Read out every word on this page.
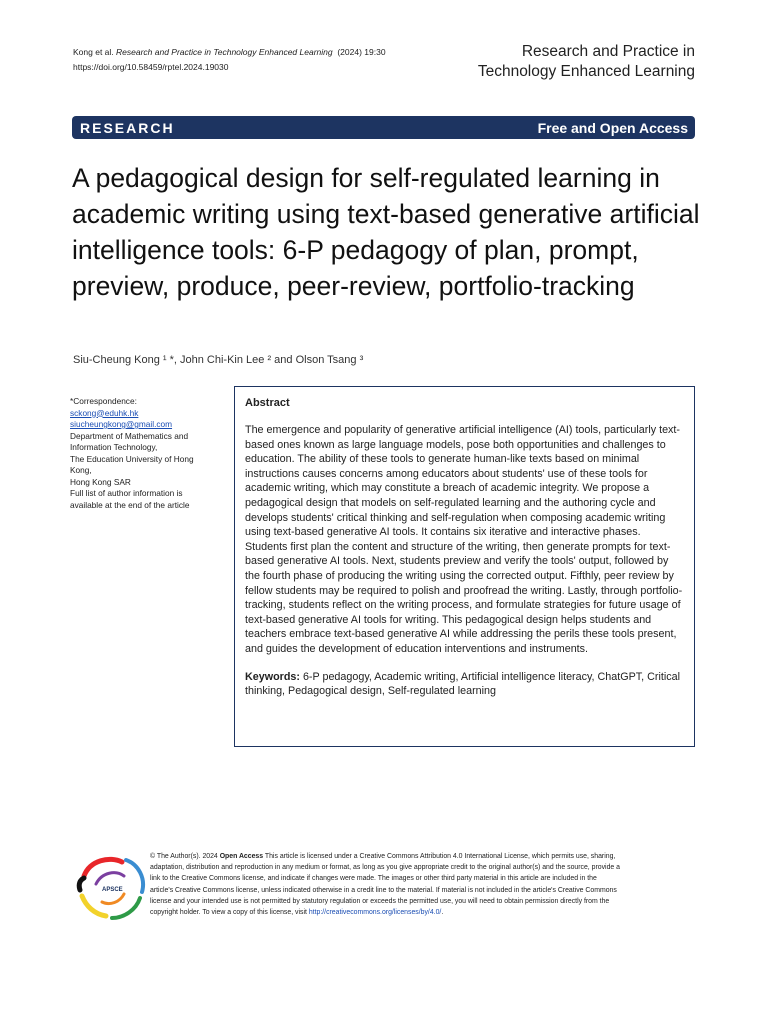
Kong et al. Research and Practice in Technology Enhanced Learning (2024) 19:30
https://doi.org/10.58459/rptel.2024.19030
Research and Practice in
Technology Enhanced Learning
RESEARCH	Free and Open Access
A pedagogical design for self-regulated learning in academic writing using text-based generative artificial intelligence tools: 6-P pedagogy of plan, prompt, preview, produce, peer-review, portfolio-tracking
Siu-Cheung Kong ¹ *, John Chi-Kin Lee ² and Olson Tsang ³
*Correspondence:
sckong@eduhk.hk
siucheungkong@gmail.com
Department of Mathematics and
Information Technology,
The Education University of Hong
Kong,
Hong Kong SAR
Full list of author information is
available at the end of the article
Abstract
The emergence and popularity of generative artificial intelligence (AI) tools, particularly text-based ones known as large language models, pose both opportunities and challenges to education. The ability of these tools to generate human-like texts based on minimal instructions causes concerns among educators about students' use of these tools for academic writing, which may constitute a breach of academic integrity. We propose a pedagogical design that models on self-regulated learning and the authoring cycle and develops students' critical thinking and self-regulation when composing academic writing using text-based generative AI tools. It contains six iterative and interactive phases. Students first plan the content and structure of the writing, then generate prompts for text-based generative AI tools. Next, students preview and verify the tools' output, followed by the fourth phase of producing the writing using the corrected output. Fifthly, peer review by fellow students may be required to polish and proofread the writing. Lastly, through portfolio-tracking, students reflect on the writing process, and formulate strategies for future usage of text-based generative AI tools for writing. This pedagogical design helps students and teachers embrace text-based generative AI while addressing the perils these tools present, and guides the development of education interventions and instruments.
Keywords: 6-P pedagogy, Academic writing, Artificial intelligence literacy, ChatGPT, Critical thinking, Pedagogical design, Self-regulated learning
APSCE
© The Author(s). 2024 Open Access This article is licensed under a Creative Commons Attribution 4.0 International License, which permits use, sharing, adaptation, distribution and reproduction in any medium or format, as long as you give appropriate credit to the original author(s) and the source, provide a link to the Creative Commons license, and indicate if changes were made. The images or other third party material in this article are included in the article's Creative Commons license, unless indicated otherwise in a credit line to the material. If material is not included in the article's Creative Commons license and your intended use is not permitted by statutory regulation or exceeds the permitted use, you will need to obtain permission directly from the copyright holder. To view a copy of this license, visit http://creativecommons.org/licenses/by/4.0/.
